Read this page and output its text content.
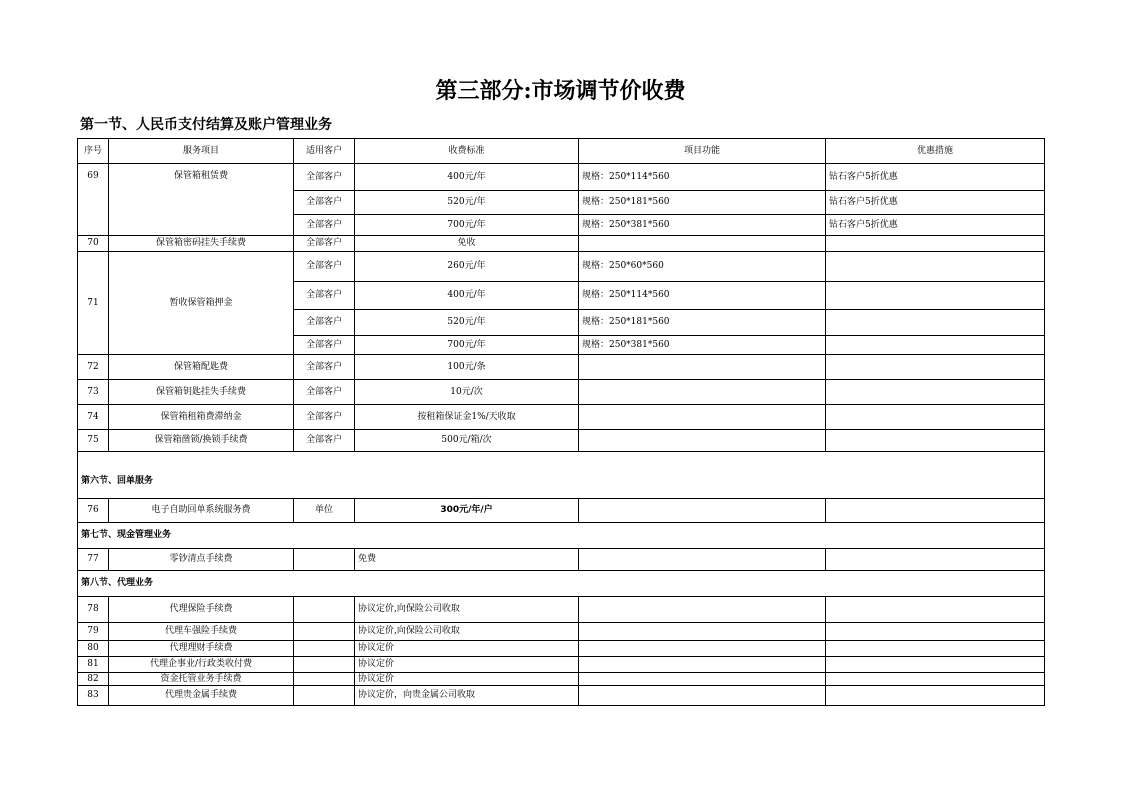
第三部分:市场调节价收费
第一节、人民币支付结算及账户管理业务
序号	服务项目	适用客户	收费标准	项目功能	优惠措施
69	保管箱租赁费	全部客户	400元/年	规格：250*114*560	钻石客户5折优惠
		全部客户	520元/年	规格：250*181*560	钻石客户5折优惠
		全部客户	700元/年	规格：250*381*560	钻石客户5折优惠
70	保管箱密码挂失手续费	全部客户	免收		
71	暂收保管箱押金	全部客户	260元/年	规格：250*60*560	
		全部客户	400元/年	规格：250*114*560	
		全部客户	520元/年	规格：250*181*560	
		全部客户	700元/年	规格：250*381*560	
72	保管箱配匙费	全部客户	100元/条		
73	保管箱钥匙挂失手续费	全部客户	10元/次		
74	保管箱租箱费滞纳金	全部客户	按租箱保证金1%/天收取		
75	保管箱凿锁/换锁手续费	全部客户	500元/箱/次		
第六节、回单服务					
76	电子自助回单系统服务费	单位	300元/年/户		
第七节、现金管理业务					
77	零钞清点手续费		免费		
第八节、代理业务					
78	代理保险手续费		协议定价,向保险公司收取		
79	代理车强险手续费		协议定价,向保险公司收取		
80	代理理财手续费		协议定价		
81	代理企事业/行政类收付费		协议定价		
82	资金托管业务手续费		协议定价		
83	代理贵金属手续费		协议定价，向贵金属公司收取		
